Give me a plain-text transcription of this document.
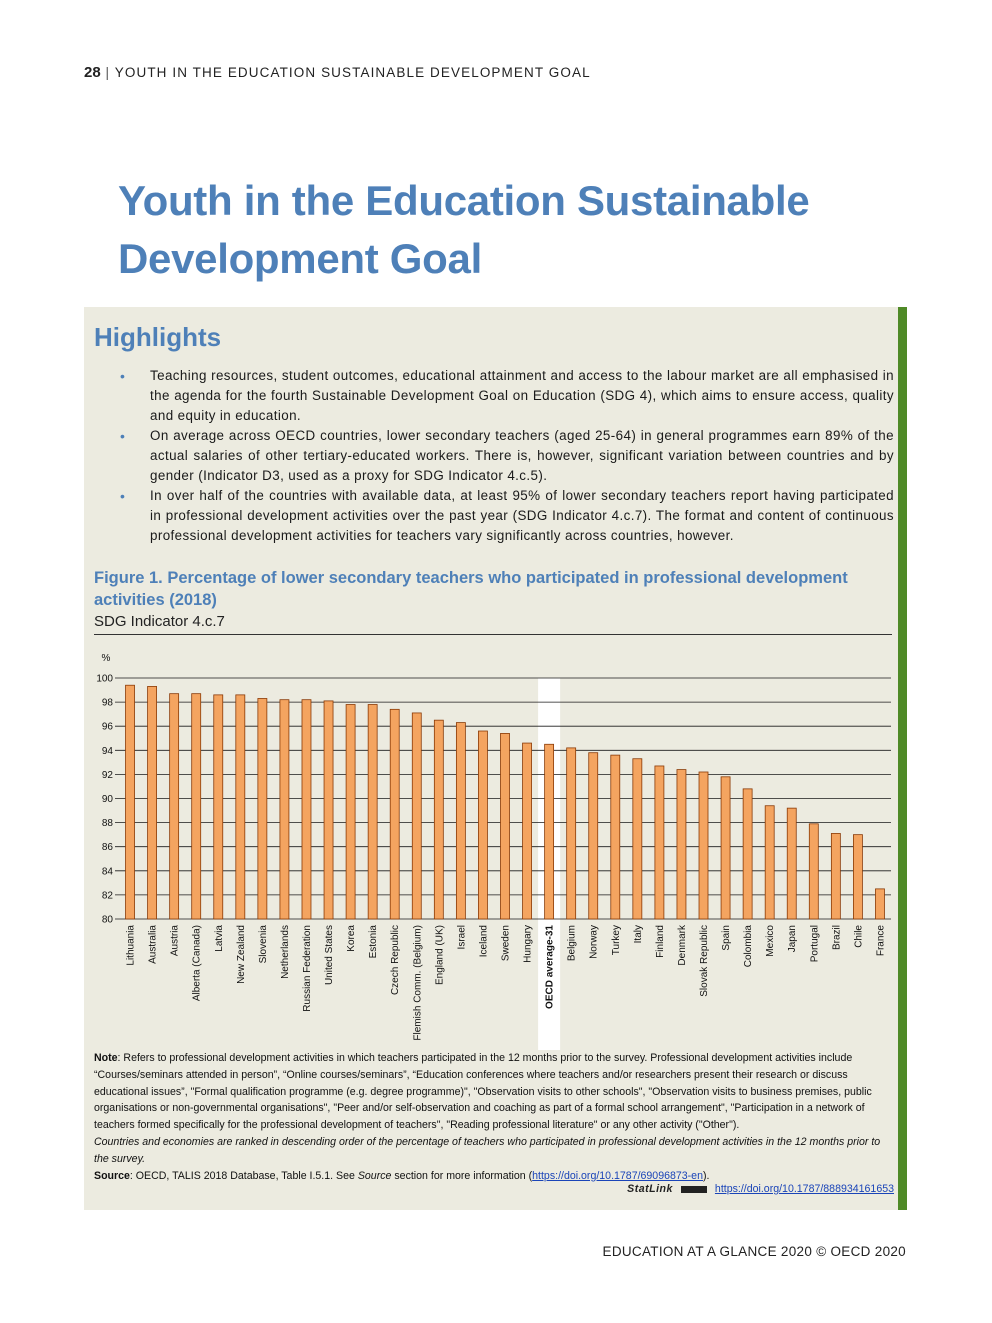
28 | YOUTH IN THE EDUCATION SUSTAINABLE DEVELOPMENT GOAL
Youth in the Education Sustainable Development Goal
Highlights
• Teaching resources, student outcomes, educational attainment and access to the labour market are all emphasised in the agenda for the fourth Sustainable Development Goal on Education (SDG 4), which aims to ensure access, quality and equity in education.
• On average across OECD countries, lower secondary teachers (aged 25-64) in general programmes earn 89% of the actual salaries of other tertiary-educated workers. There is, however, significant variation between countries and by gender (Indicator D3, used as a proxy for SDG Indicator 4.c.5).
• In over half of the countries with available data, at least 95% of lower secondary teachers report having participated in professional development activities over the past year (SDG Indicator 4.c.7). The format and content of continuous professional development activities for teachers vary significantly across countries, however.
Figure 1. Percentage of lower secondary teachers who participated in professional development activities (2018)
SDG Indicator 4.c.7
80
82
84
86
88
90
92
94
96
98
100
%
Lithuania Australia Austria Alberta (Canada) Latvia New Zealand Slovenia Netherlands Russian Federation United States Korea Estonia Czech Republic Flemish Comm. (Belgium) England (UK) Israel Iceland Sweden Hungary OECD average-31 Belgium Norway Turkey Italy Finland Denmark Slovak Republic Spain Colombia Mexico Japan Portugal Brazil Chile France

Note: Refers to professional development activities in which teachers participated in the 12 months prior to the survey. Professional development activities include “Courses/seminars attended in person”, “Online courses/seminars”, “Education conferences where teachers and/or researchers present their research or discuss educational issues”, "Formal qualification programme (e.g. degree programme)", "Observation visits to other schools", "Observation visits to business premises, public organisations or non-governmental organisations", "Peer and/or self-observation and coaching as part of a formal school arrangement", "Participation in a network of teachers formed specifically for the professional development of teachers", "Reading professional literature" or any other activity ("Other").

Countries and economies are ranked in descending order of the percentage of teachers who participated in professional development activities in the 12 months prior to the survey.

Source: OECD, TALIS 2018 Database, Table I.5.1. See Source section for more information (https://doi.org/10.1787/69096873-en).

StatLink	https://doi.org/10.1787/888934161653
EDUCATION AT A GLANCE 2020 © OECD 2020
